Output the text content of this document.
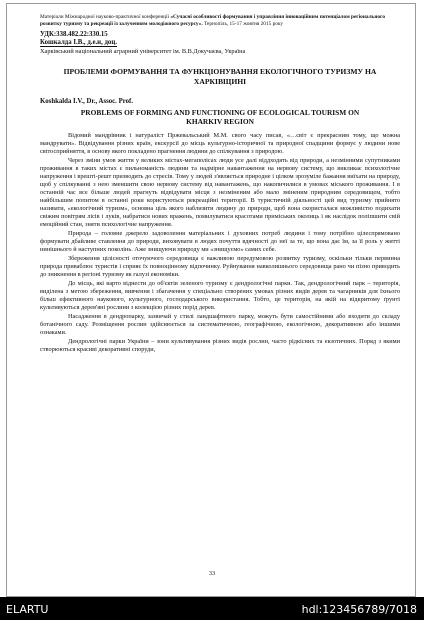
Матеріали Міжнародної науково-практичної конференції «Сучасні особливості формування і управління інноваційним потенціалом регіонального розвитку туризму та рекреації із залученням молодіжного ресурсу». Тернопіль, 15-17 жовтня 2015 року
УДК:338.482.22:330.15
Кошкалда І.В., д.е.н, доц.
Харківський національний аграрний університет ім. В.В.Докучаєва, Україна
ПРОБЛЕМИ ФОРМУВАННЯ ТА ФУНКЦІОНУВАННЯ ЕКОЛОГІЧНОГО ТУРИЗМУ НА ХАРКІВЩИНІ
Koshkalda I.V., Dr., Assoc. Prof.
PROBLEMS OF FORMING AND FUNCTIONING OF ECOLOGICAL TOURISM ON KHARKIV REGION

Відомий мандрівник і натураліст Пржевальський М.М. свого часу писав, «…світ є прекрасним тому, що можна мандрувати». Відвідування різних країн, екскурсії до місць культурно-історичної та природної спадщини формує у людини нове світосприйняття, в основу якого покладено прагнення людини до спілкування з природою.

Через зміни умов життя у великих містах-мегаполісах люди усе далі віддходять від природи, а незмінними супутниками проживання в таких містах є пильноманість людини та надмірне навантаження на нервову систему, що викликає психологічне напруження і врешті-решт призводить до стресів. Тому у людей з'являється природне і цілком зрозуміле бажання виїхати на природу, щоб у спілкуванні з нею зменшити свою нервову систему від навантажень, що накопичилися в умовах міського проживання. І в останній час все більше людей прагнуть відвідувати місця з незміненим або мало зміненим природним середовищем, тобто найбільшим попитом в останні роки користуються рекреаційні території. В туристичній діяльності цей вид туризму прийнято називати, «екологічний туризм», основна ціль якого наблизити людину до природи, щоб вона скористалася можливістю подихати свіжим повітрям лісів і луків, набратися нових вражень, помилуватися красотами приміських околиць і як наслідок поліпшити свій емоційний стан, зняти психологічне напруження.

Природа – головне джерело задоволення матеріальних і духовних потреб людини і тому потрібно цілеспрямовано формувати дбайливе ставлення до природи, виховувати в людях почуття вдячності до неї за те, що вона дає їм, за її роль у житті нинішнього й наступних поколінь. Аже знищуючи природу ми «знищуємо» самих себе.

Збереження цілісності оточуючого середовища є важливою передумовою розвитку туризму, оскільки тільки первинна природа приваблює туристів і сприяє їх повноцінному відпочинку. Руйнування навколишнього середовища рано чи пізно приводить до зникнення в регіоні туризму як галузі економіки.

До місць, які варто віднести до об'єктів зеленого туризму є дендрологічні парки. Так, дендрологічний парк – територія, виділена з метою збереження, вивчення і збагачення у спеціально створених умовах різних видів дерев та чагарників для їхнього більш ефективного наукового, культурного, господарського використання. Тобто, це територія, на якій на відкритому ґрунті культивуються дерев'яні рослини з колекцією різних порід дерев.

Насадження в дендропарку, зазвичай у стилі ландшафтного парку, можуть бути самостійними або входити до складу ботанічного саду. Розміщення рослин здійснюється за систематичною, географічною, екологічною, декоративною або іншими ознаками.

Дендрологічні парки України – зони культивування різних видів рослин, часто рідкісних та екзотичних. Поряд з якими створюються красиві декоративні споруди,

33
ELARTU	hdl:123456789/7018
